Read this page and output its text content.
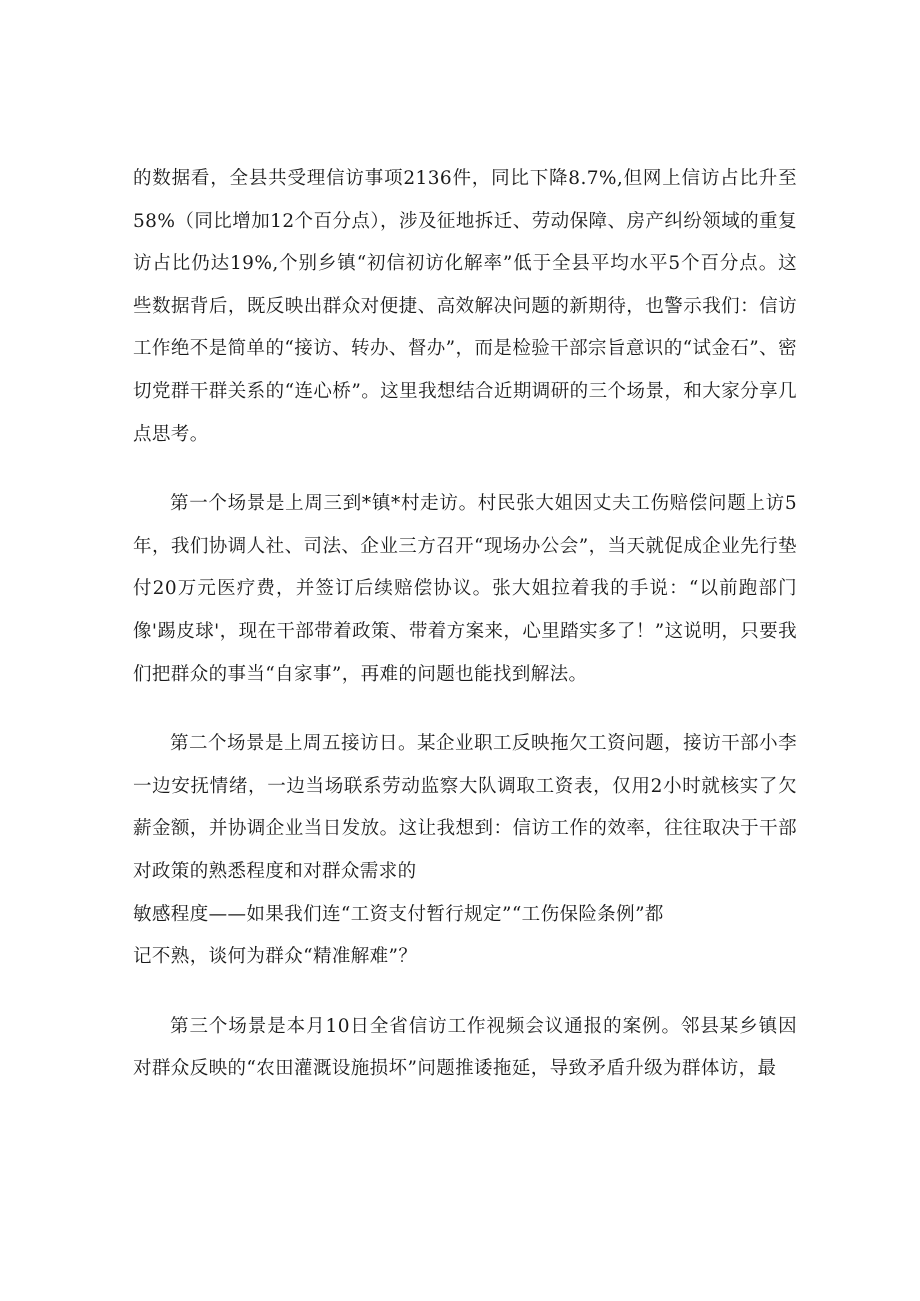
的数据看，全县共受理信访事项2136件，同比下降8.7%,但网上信访占比升至58%（同比增加12个百分点），涉及征地拆迁、劳动保障、房产纠纷领域的重复访占比仍达19%,个别乡镇“初信初访化解率”低于全县平均水平5个百分点。这些数据背后，既反映出群众对便捷、高效解决问题的新期待，也警示我们：信访工作绝不是简单的“接访、转办、督办”，而是检验干部宗旨意识的“试金石”、密切党群干群关系的“连心桥”。这里我想结合近期调研的三个场景，和大家分享几点思考。

第一个场景是上周三到*镇*村走访。村民张大姐因丈夫工伤赔偿问题上访5年，我们协调人社、司法、企业三方召开“现场办公会”，当天就促成企业先行垫付20万元医疗费，并签订后续赔偿协议。张大姐拉着我的手说：“以前跑部门像'踢皮球'，现在干部带着政策、带着方案来，心里踏实多了！”这说明，只要我们把群众的事当“自家事”，再难的问题也能找到解法。

第二个场景是上周五接访日。某企业职工反映拖欠工资问题，接访干部小李一边安抚情绪，一边当场联系劳动监察大队调取工资表，仅用2小时就核实了欠薪金额，并协调企业当日发放。这让我想到：信访工作的效率，往往取决于干部对政策的熟悉程度和对群众需求的

敏感程度——如果我们连“工资支付暂行规定”“工伤保险条例”都

记不熟，谈何为群众“精准解难”？

第三个场景是本月10日全省信访工作视频会议通报的案例。邻县某乡镇因对群众反映的“农田灌溉设施损坏”问题推诿拖延，导致矛盾升级为群体访，最
